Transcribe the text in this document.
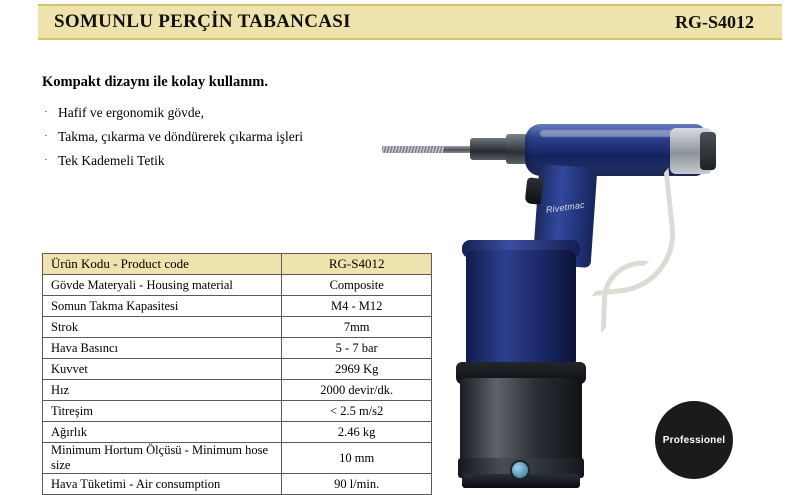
SOMUNLU PERÇİN TABANCASI	RG-S4012
Kompakt dizaynı ile kolay kullanım.
· Hafif ve ergonomik gövde,
· Takma, çıkarma ve döndürerek çıkarma işleri
· Tek Kademeli Tetik
Ürün Kodu - Product code	RG-S4012
Gövde Materyali - Housing material	Composite
Somun Takma Kapasitesi	M4 - M12
Strok	7mm
Hava Basıncı	5 - 7 bar
Kuvvet	2969 Kg
Hız	2000 devir/dk.
Titreşim	< 2.5 m/s2
Ağırlık	2.46 kg
Minimum Hortum Ölçüsü - Minimum hose size	10 mm
Hava Tüketimi - Air consumption	90 l/min.
Rivetmac
Professionel
